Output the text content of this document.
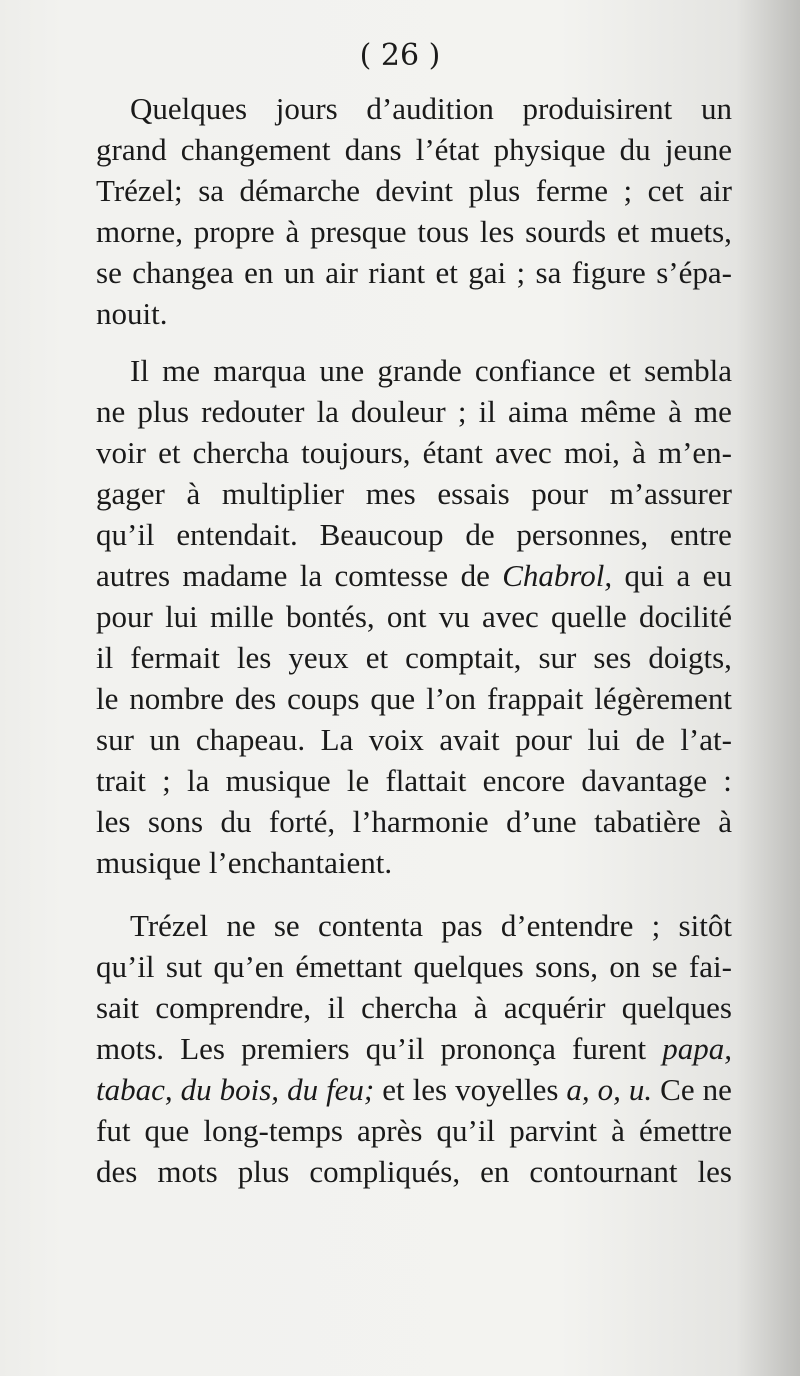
( 26 )
Quelques jours d’audition produisirent un
grand changement dans l’état physique du jeune
Trézel; sa démarche devint plus ferme ; cet air
morne, propre à presque tous les sourds et muets,
se changea en un air riant et gai ; sa figure s’épa-
nouit.
Il me marqua une grande confiance et sembla
ne plus redouter la douleur ; il aima même à me
voir et chercha toujours, étant avec moi, à m’en-
gager à multiplier mes essais pour m’assurer
qu’il entendait. Beaucoup de personnes, entre
autres madame la comtesse de Chabrol, qui a eu
pour lui mille bontés, ont vu avec quelle docilité
il fermait les yeux et comptait, sur ses doigts,
le nombre des coups que l’on frappait légèrement
sur un chapeau. La voix avait pour lui de l’at-
trait ; la musique le flattait encore davantage :
les sons du forté, l’harmonie d’une tabatière à
musique l’enchantaient.
Trézel ne se contenta pas d’entendre ; sitôt
qu’il sut qu’en émettant quelques sons, on se fai-
sait comprendre, il chercha à acquérir quelques
mots. Les premiers qu’il prononça furent papa,
tabac, du bois, du feu; et les voyelles a, o, u. Ce ne
fut que long-temps après qu’il parvint à émettre
des mots plus compliqués, en contournant les
